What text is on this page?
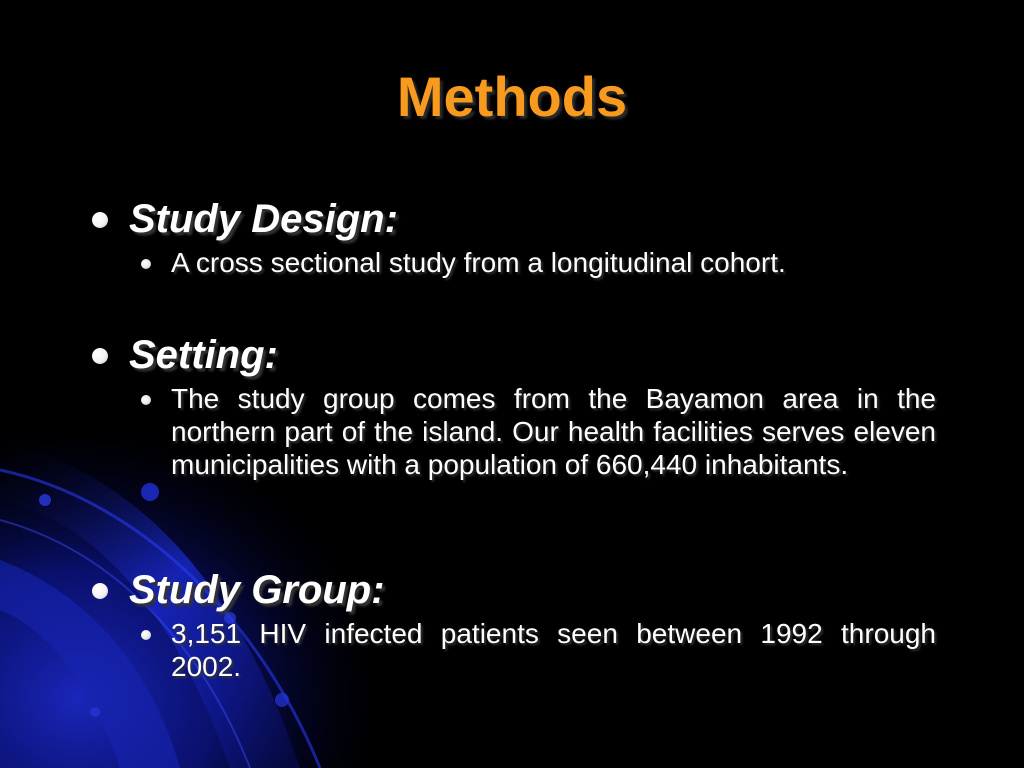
Methods
Study Design:
A cross sectional study from a longitudinal cohort.
Setting:
The study group comes from the Bayamon area in the northern part of the island. Our health facilities serves eleven municipalities with a population of 660,440 inhabitants.
Study Group:
3,151 HIV infected patients seen between 1992 through 2002.
